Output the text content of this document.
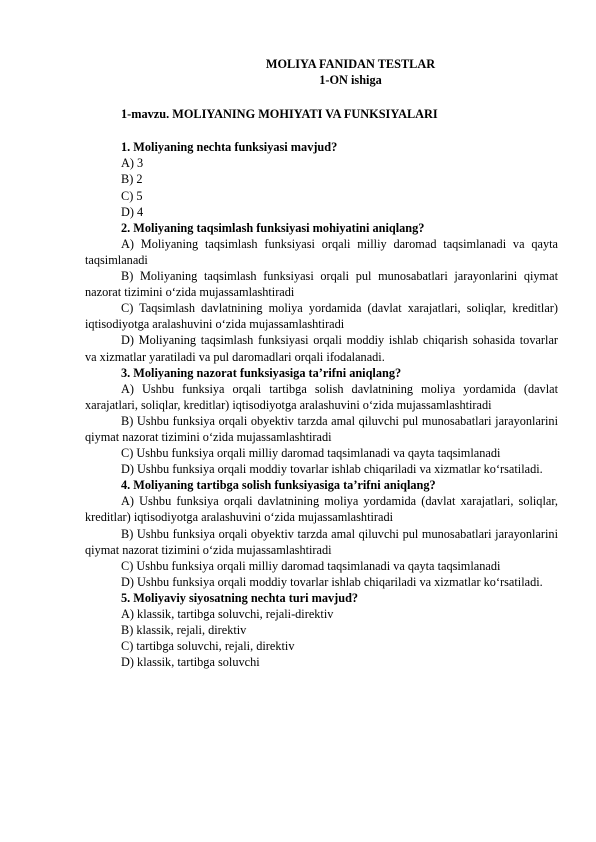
MOLIYA FANIDAN TESTLAR
1-ON ishiga
1-mavzu. MOLIYANING MOHIYATI VA FUNKSIYALARI
1. Moliyaning nechta funksiyasi mavjud?
A) 3
B) 2
C) 5
D) 4
2. Moliyaning taqsimlash funksiyasi mohiyatini aniqlang?
A) Moliyaning taqsimlash funksiyasi orqali milliy daromad taqsimlanadi va qayta taqsimlanadi
B) Moliyaning taqsimlash funksiyasi orqali pul munosabatlari jarayonlarini qiymat nazorat tizimini o‘zida mujassamlashtiradi
C) Taqsimlash davlatnining moliya yordamida (davlat xarajatlari, soliqlar, kreditlar) iqtisodiyotga aralashuvini o‘zida mujassamlashtiradi
D) Moliyaning taqsimlash funksiyasi orqali moddiy ishlab chiqarish sohasida tovarlar va xizmatlar yaratiladi va pul daromadlari orqali ifodalanadi.
3. Moliyaning nazorat funksiyasiga ta’rifni aniqlang?
A) Ushbu funksiya orqali tartibga solish davlatnining moliya yordamida (davlat xarajatlari, soliqlar, kreditlar) iqtisodiyotga aralashuvini o‘zida mujassamlashtiradi
B) Ushbu funksiya orqali obyektiv tarzda amal qiluvchi pul munosabatlari jarayonlarini qiymat nazorat tizimini o‘zida mujassamlashtiradi
C) Ushbu funksiya orqali milliy daromad taqsimlanadi va qayta taqsimlanadi
D) Ushbu funksiya orqali moddiy tovarlar ishlab chiqariladi va xizmatlar ko‘rsatiladi.
4. Moliyaning tartibga solish funksiyasiga ta’rifni aniqlang?
A) Ushbu funksiya orqali davlatnining moliya yordamida (davlat xarajatlari, soliqlar, kreditlar) iqtisodiyotga aralashuvini o‘zida mujassamlashtiradi
B) Ushbu funksiya orqali obyektiv tarzda amal qiluvchi pul munosabatlari jarayonlarini qiymat nazorat tizimini o‘zida mujassamlashtiradi
C) Ushbu funksiya orqali milliy daromad taqsimlanadi va qayta taqsimlanadi
D) Ushbu funksiya orqali moddiy tovarlar ishlab chiqariladi va xizmatlar ko‘rsatiladi.
5. Moliyaviy siyosatning nechta turi mavjud?
A) klassik, tartibga soluvchi, rejali-direktiv
B) klassik, rejali, direktiv
C) tartibga soluvchi, rejali, direktiv
D) klassik, tartibga soluvchi
